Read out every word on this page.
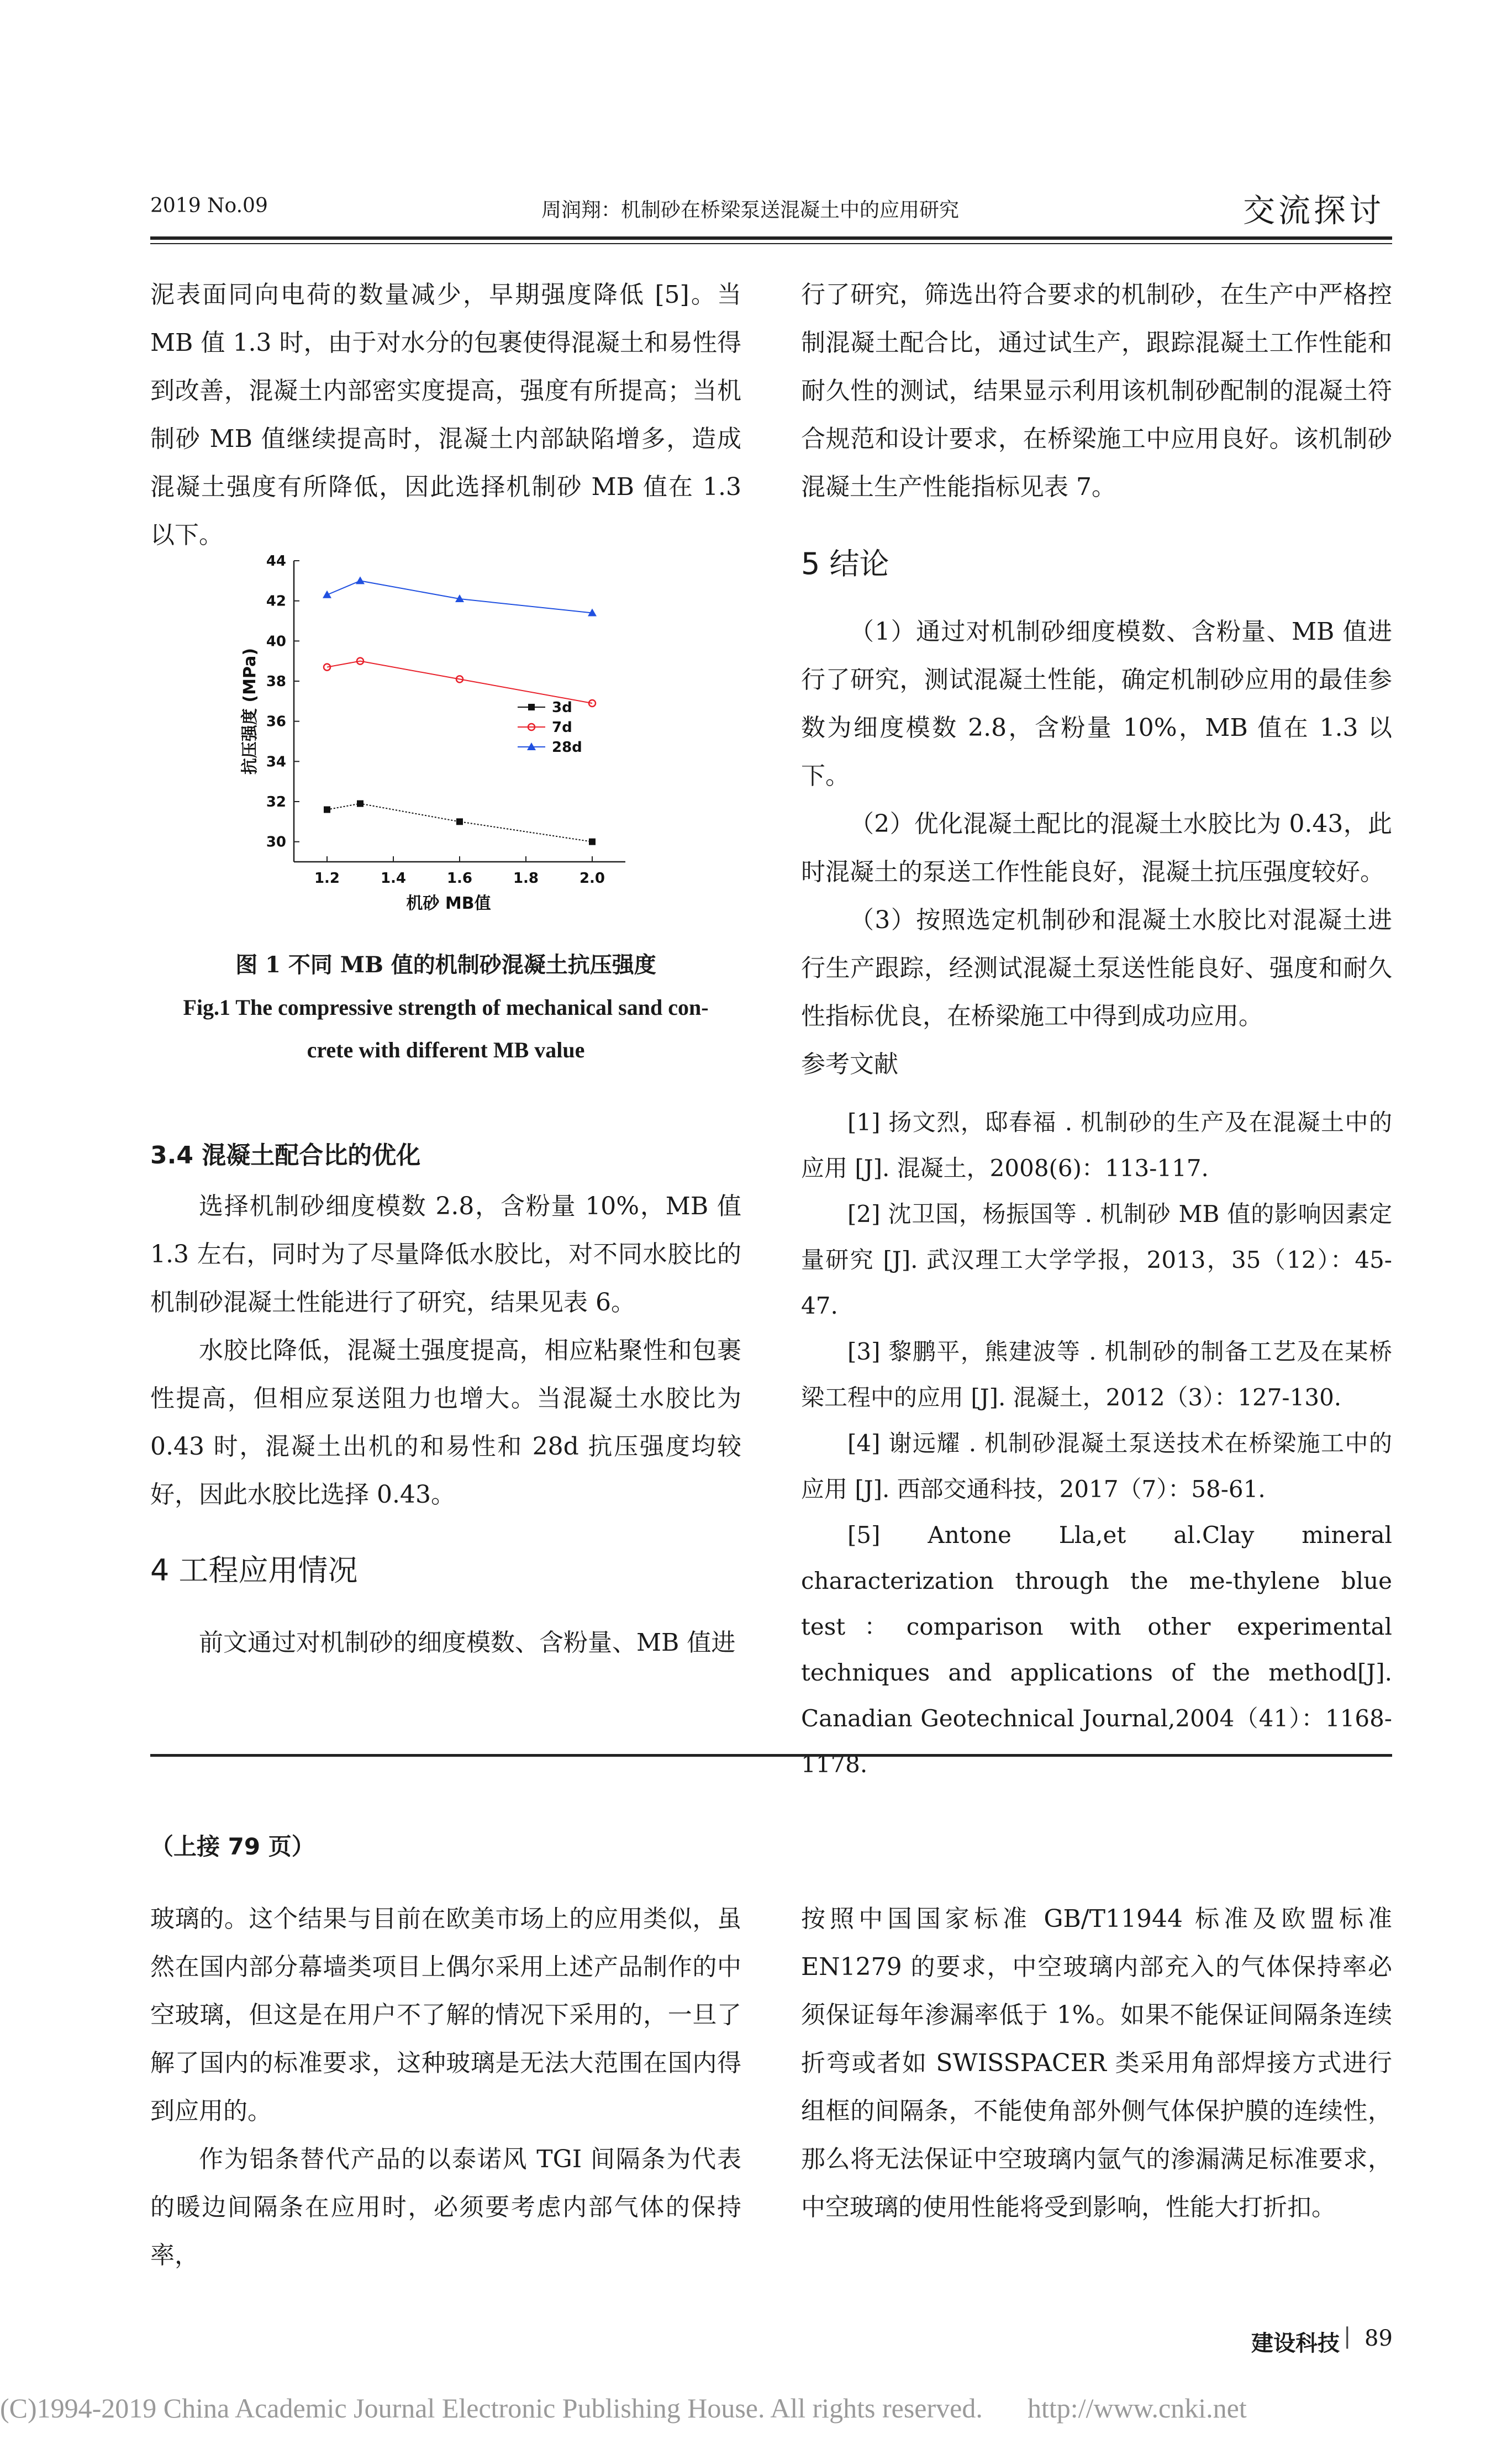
2019 No.09	周润翔：机制砂在桥梁泵送混凝土中的应用研究	交流探讨

泥表面同向电荷的数量减少，早期强度降低 [5]。当 MB 值 1.3 时，由于对水分的包裹使得混凝土和易性得到改善，混凝土内部密实度提高，强度有所提高；当机制砂 MB 值继续提高时，混凝土内部缺陷增多，造成混凝土强度有所降低，因此选择机制砂 MB 值在 1.3 以下。

30
32
34
36
38
40
42
44
1.2	1.4	1.6	1.8	2.0
机砂 MB值
抗压强度 (MPa)	3d
7d
28d
图 1 不同 MB 值的机制砂混凝土抗压强度
Fig.1 The compressive strength of mechanical sand con-
crete with different MB value
3.4 混凝土配合比的优化

选择机制砂细度模数 2.8，含粉量 10%，MB 值 1.3 左右，同时为了尽量降低水胶比，对不同水胶比的机制砂混凝土性能进行了研究，结果见表 6。

水胶比降低，混凝土强度提高，相应粘聚性和包裹性提高，但相应泵送阻力也增大。当混凝土水胶比为 0.43 时，混凝土出机的和易性和 28d 抗压强度均较好，因此水胶比选择 0.43。

4 工程应用情况

前文通过对机制砂的细度模数、含粉量、MB 值进

行了研究，筛选出符合要求的机制砂，在生产中严格控制混凝土配合比，通过试生产，跟踪混凝土工作性能和耐久性的测试，结果显示利用该机制砂配制的混凝土符合规范和设计要求，在桥梁施工中应用良好。该机制砂混凝土生产性能指标见表 7。

5 结论

（1）通过对机制砂细度模数、含粉量、MB 值进行了研究，测试混凝土性能，确定机制砂应用的最佳参数为细度模数 2.8，含粉量 10%，MB 值在 1.3 以下。

（2）优化混凝土配比的混凝土水胶比为 0.43，此时混凝土的泵送工作性能良好，混凝土抗压强度较好。

（3）按照选定机制砂和混凝土水胶比对混凝土进行生产跟踪，经测试混凝土泵送性能良好、强度和耐久性指标优良，在桥梁施工中得到成功应用。

参考文献

[1] 扬文烈，邸春福 . 机制砂的生产及在混凝土中的应用 [J]. 混凝土，2008(6)：113-117.

[2] 沈卫国，杨振国等 . 机制砂 MB 值的影响因素定量研究 [J]. 武汉理工大学学报，2013，35（12）：45-47.

[3] 黎鹏平，熊建波等 . 机制砂的制备工艺及在某桥梁工程中的应用 [J]. 混凝土，2012（3）：127-130.

[4] 谢远耀 . 机制砂混凝土泵送技术在桥梁施工中的应用 [J]. 西部交通科技，2017（7）：58-61.

[5] Antone Lla,et al.Clay mineral characterization through the me-thylene blue test：comparison with other experimental techniques and applications of the method[J]. Canadian Geotechnical Journal,2004（41）：1168-1178.

（上接 79 页）

玻璃的。这个结果与目前在欧美市场上的应用类似，虽然在国内部分幕墙类项目上偶尔采用上述产品制作的中空玻璃，但这是在用户不了解的情况下采用的，一旦了解了国内的标准要求，这种玻璃是无法大范围在国内得到应用的。

作为铝条替代产品的以泰诺风 TGI 间隔条为代表的暖边间隔条在应用时，必须要考虑内部气体的保持率，

按照中国国家标准 GB/T11944 标准及欧盟标准 EN1279 的要求，中空玻璃内部充入的气体保持率必须保证每年渗漏率低于 1%。如果不能保证间隔条连续折弯或者如 SWISSPACER 类采用角部焊接方式进行组框的间隔条，不能使角部外侧气体保护膜的连续性，那么将无法保证中空玻璃内氩气的渗漏满足标准要求，中空玻璃的使用性能将受到影响，性能大打折扣。

建设科技 | 89
(C)1994-2019 China Academic Journal Electronic Publishing House. All rights reserved. http://www.cnki.net
